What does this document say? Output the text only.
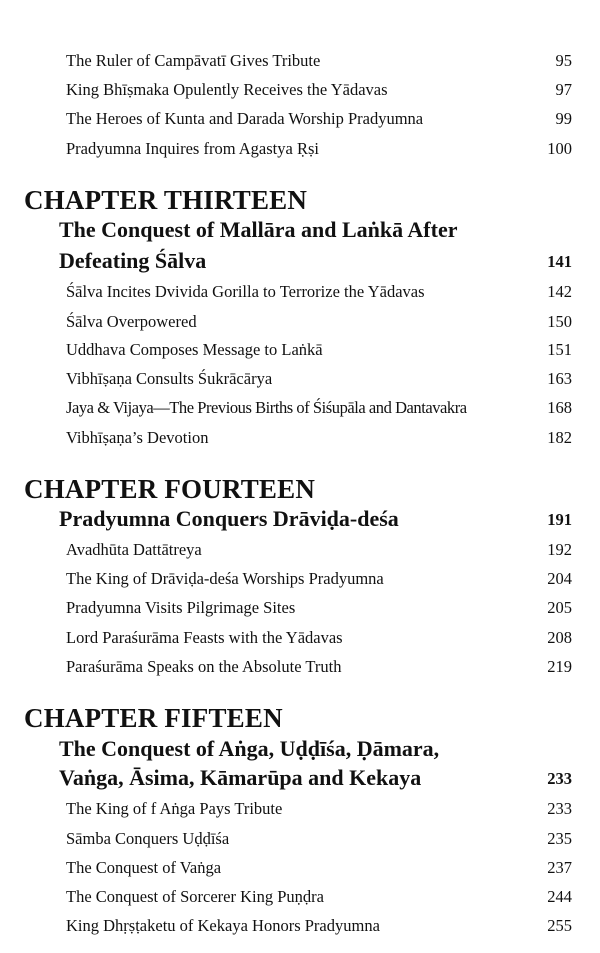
The Ruler of Campāvatī Gives Tribute	95
King Bhīṣmaka Opulently Receives the Yādavas	97
The Heroes of Kunta and Darada Worship Pradyumna	99
Pradyumna Inquires from Agastya Ṛṣi	100
CHAPTER THIRTEEN
The Conquest of Mallāra and Laṅkā After
Defeating Śālva	141
Śālva Incites Dvivida Gorilla to Terrorize the Yādavas	142
Śālva Overpowered	150
Uddhava Composes Message to Laṅkā	151
Vibhīṣaṇa Consults Śukrācārya	163
Jaya & Vijaya—The Previous Births of Śiśupāla and Dantavakra	168
Vibhīṣaṇa’s Devotion	182
CHAPTER FOURTEEN
Pradyumna Conquers Drāviḍa-deśa	191
Avadhūta Dattātreya	192
The King of Drāviḍa-deśa Worships Pradyumna	204
Pradyumna Visits Pilgrimage Sites	205
Lord Paraśurāma Feasts with the Yādavas	208
Paraśurāma Speaks on the Absolute Truth	219
CHAPTER FIFTEEN
The Conquest of Aṅga, Uḍḍīśa, Ḍāmara,
Vaṅga, Āsima, Kāmarūpa and Kekaya	233
The King of f Aṅga Pays Tribute	233
Sāmba Conquers Uḍḍīśa	235
The Conquest of Vaṅga	237
The Conquest of Sorcerer King Puṇḍra	244
King Dhṛṣṭaketu of Kekaya Honors Pradyumna	255
